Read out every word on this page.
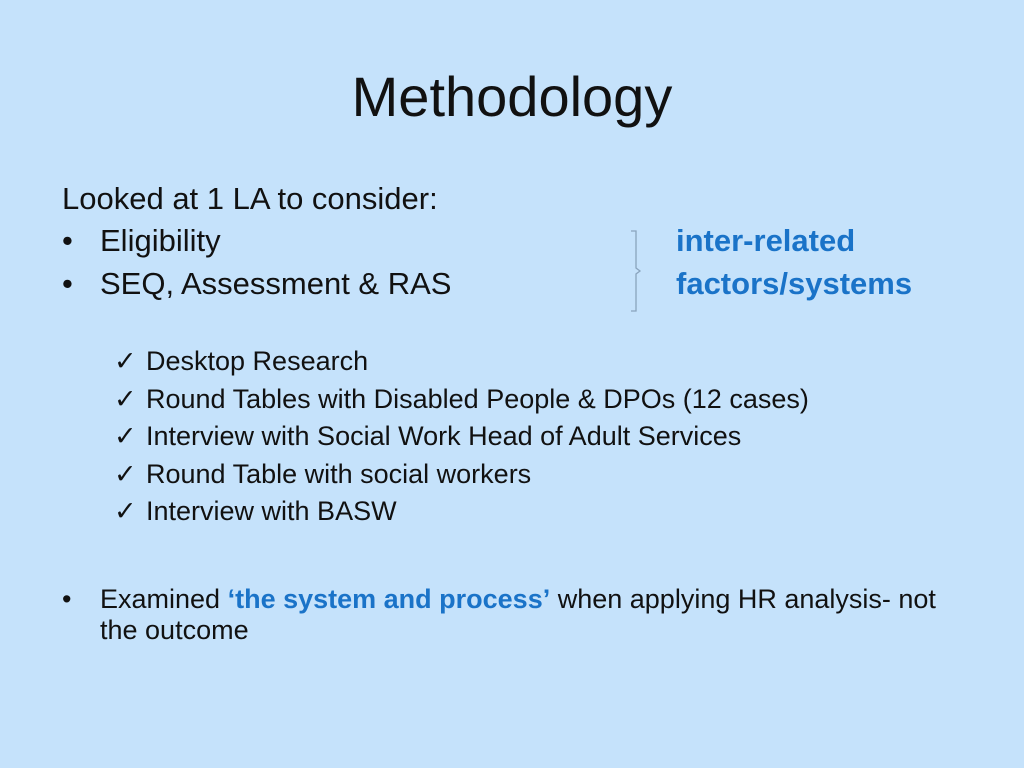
Methodology
Looked at 1 LA to consider:
• Eligibility
• SEQ, Assessment & RAS
inter-related
factors/systems
✓ Desktop Research
✓ Round Tables with Disabled People & DPOs (12 cases)
✓ Interview with Social Work Head of Adult Services
✓ Round Table with social workers
✓ Interview with BASW
• Examined ‘the system and process’ when applying HR analysis- not the outcome
